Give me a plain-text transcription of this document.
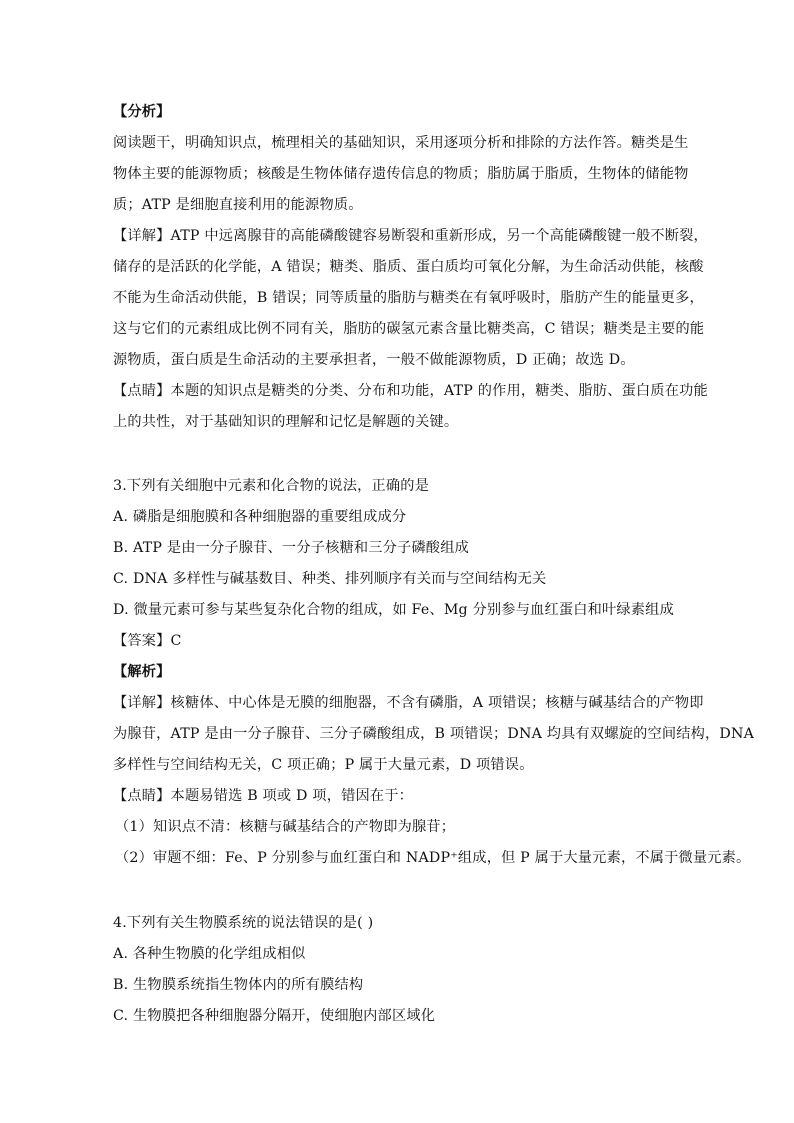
【分析】
阅读题干，明确知识点，梳理相关的基础知识，采用逐项分析和排除的方法作答。糖类是生
物体主要的能源物质；核酸是生物体储存遗传信息的物质；脂肪属于脂质，生物体的储能物
质；ATP 是细胞直接利用的能源物质。
【详解】ATP 中远离腺苷的高能磷酸键容易断裂和重新形成，另一个高能磷酸键一般不断裂，
储存的是活跃的化学能，A 错误；糖类、脂质、蛋白质均可氧化分解，为生命活动供能，核酸
不能为生命活动供能，B 错误；同等质量的脂肪与糖类在有氧呼吸时，脂肪产生的能量更多，
这与它们的元素组成比例不同有关，脂肪的碳氢元素含量比糖类高，C 错误；糖类是主要的能
源物质，蛋白质是生命活动的主要承担者，一般不做能源物质，D 正确；故选 D。
【点睛】本题的知识点是糖类的分类、分布和功能，ATP 的作用，糖类、脂肪、蛋白质在功能
上的共性，对于基础知识的理解和记忆是解题的关键。
3.下列有关细胞中元素和化合物的说法，正确的是
A. 磷脂是细胞膜和各种细胞器的重要组成成分
B. ATP 是由一分子腺苷、一分子核糖和三分子磷酸组成
C. DNA 多样性与碱基数目、种类、排列顺序有关而与空间结构无关
D. 微量元素可参与某些复杂化合物的组成，如 Fe、Mg 分别参与血红蛋白和叶绿素组成
【答案】C
【解析】
【详解】核糖体、中心体是无膜的细胞器，不含有磷脂，A 项错误；核糖与碱基结合的产物即
为腺苷，ATP 是由一分子腺苷、三分子磷酸组成，B 项错误；DNA 均具有双螺旋的空间结构，DNA
多样性与空间结构无关，C 项正确；P 属于大量元素，D 项错误。
【点睛】本题易错选 B 项或 D 项，错因在于：
（1）知识点不清：核糖与碱基结合的产物即为腺苷；
（2）审题不细：Fe、P 分别参与血红蛋白和 NADP⁺组成，但 P 属于大量元素，不属于微量元素。
4.下列有关生物膜系统的说法错误的是( )
A. 各种生物膜的化学组成相似
B. 生物膜系统指生物体内的所有膜结构
C. 生物膜把各种细胞器分隔开，使细胞内部区域化
